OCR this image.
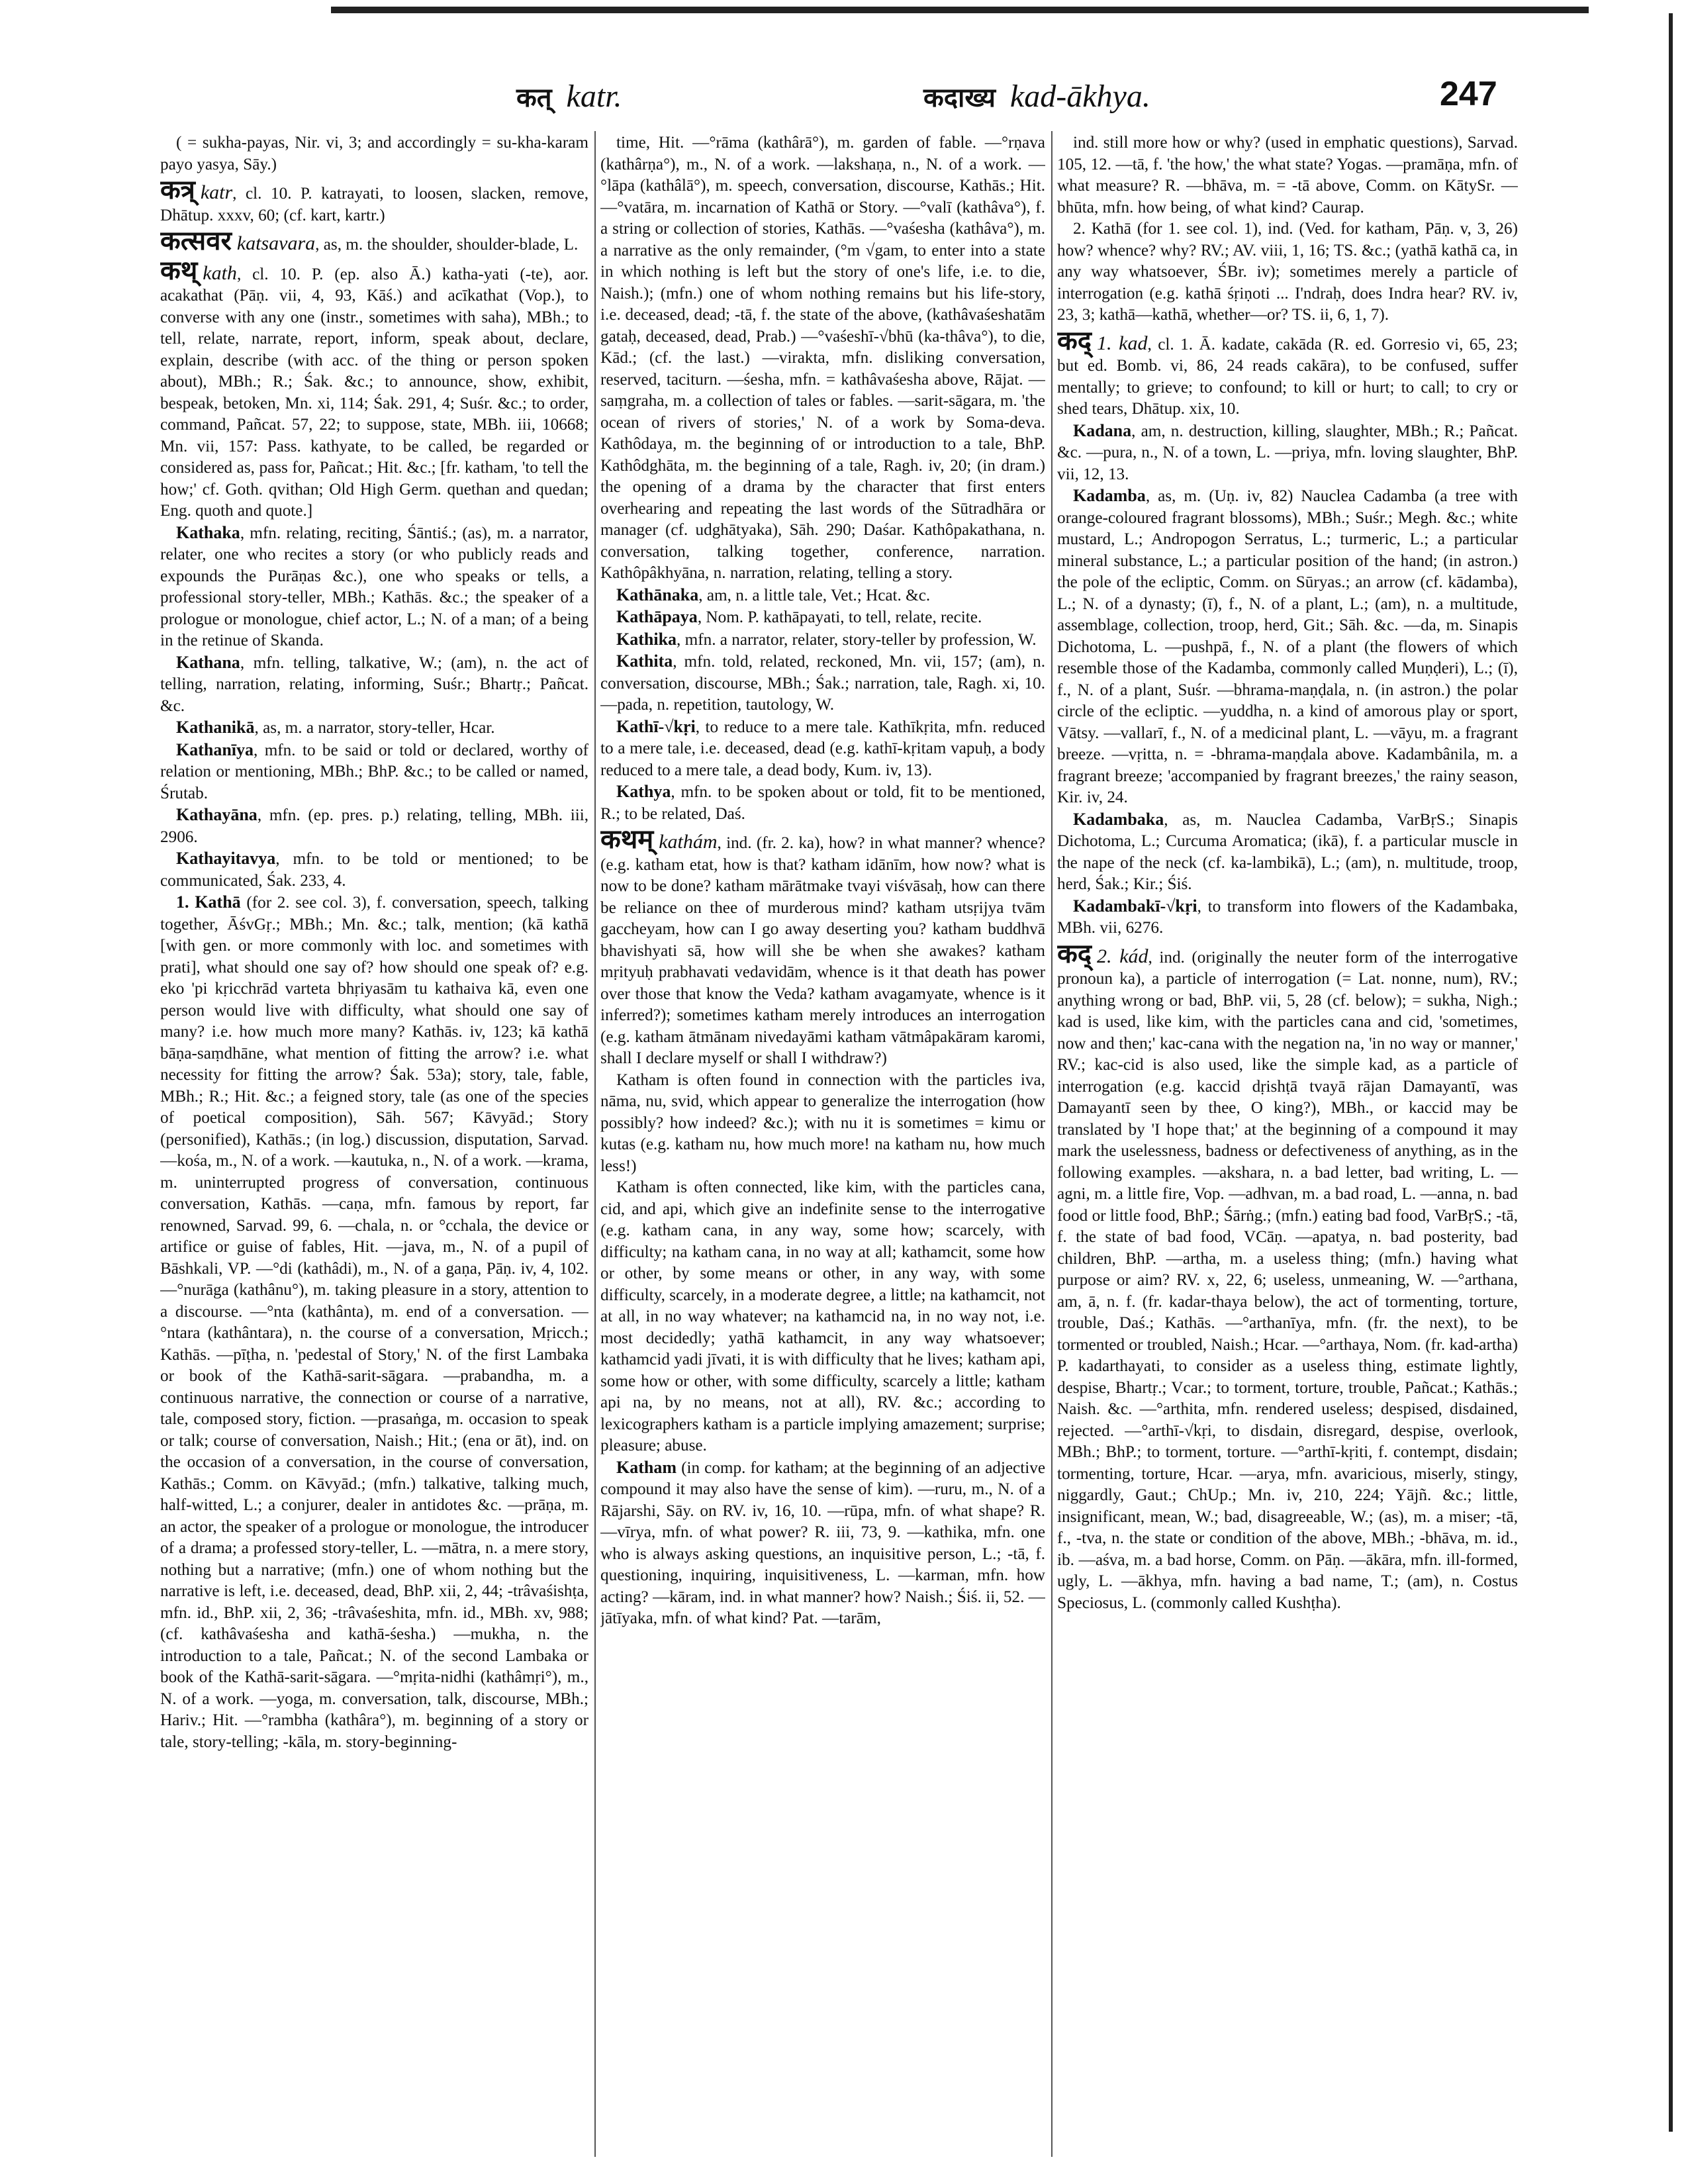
कत् katr.	कदाख्य kad-ākhya.	247

( = sukha-payas, Nir. vi, 3; and accordingly = su-kha-karam payo yasya, Sāy.)

कत्र् katr, cl. 10. P. katrayati, to loosen, slacken, remove, Dhātup. xxxv, 60; (cf. kart, kartr.)

कत्सवर katsavara, as, m. the shoulder, shoulder-blade, L.

कथ् kath, cl. 10. P. (ep. also Ā.) katha-yati (-te), aor. acakathat (Pāṇ. vii, 4, 93, Kāś.) and acīkathat (Vop.), to converse with any one (instr., sometimes with saha), MBh.; to tell, relate, narrate, report, inform, speak about, declare, explain, describe (with acc. of the thing or person spoken about), MBh.; R.; Śak. &c.; to announce, show, exhibit, bespeak, betoken, Mn. xi, 114; Śak. 291, 4; Suśr. &c.; to order, command, Pañcat. 57, 22; to suppose, state, MBh. iii, 10668; Mn. vii, 157: Pass. kathyate, to be called, be regarded or considered as, pass for, Pañcat.; Hit. &c.; [fr. katham, 'to tell the how;' cf. Goth. qvithan; Old High Germ. quethan and quedan; Eng. quoth and quote.]

Kathaka, mfn. relating, reciting, Śāntiś.; (as), m. a narrator, relater, one who recites a story (or who publicly reads and expounds the Purāṇas &c.), one who speaks or tells, a professional story-teller, MBh.; Kathās. &c.; the speaker of a prologue or monologue, chief actor, L.; N. of a man; of a being in the retinue of Skanda.

Kathana, mfn. telling, talkative, W.; (am), n. the act of telling, narration, relating, informing, Suśr.; Bhartṛ.; Pañcat. &c.

Kathanikā, as, m. a narrator, story-teller, Hcar.

Kathanīya, mfn. to be said or told or declared, worthy of relation or mentioning, MBh.; BhP. &c.; to be called or named, Śrutab.

Kathayāna, mfn. (ep. pres. p.) relating, telling, MBh. iii, 2906.

Kathayitavya, mfn. to be told or mentioned; to be communicated, Śak. 233, 4.

1. Kathā (for 2. see col. 3), f. conversation, speech, talking together, ĀśvGṛ.; MBh.; Mn. &c.; talk, mention; (kā kathā [with gen. or more commonly with loc. and sometimes with prati], what should one say of? how should one speak of? e.g. eko 'pi kṛicchrād varteta bhṛiyasām tu kathaiva kā, even one person would live with difficulty, what should one say of many? i.e. how much more many? Kathās. iv, 123; kā kathā bāṇa-saṃdhāne, what mention of fitting the arrow? i.e. what necessity for fitting the arrow? Śak. 53a); story, tale, fable, MBh.; R.; Hit. &c.; a feigned story, tale (as one of the species of poetical composition), Sāh. 567; Kāvyād.; Story (personified), Kathās.; (in log.) discussion, disputation, Sarvad. —kośa, m., N. of a work. —kautuka, n., N. of a work. —krama, m. uninterrupted progress of conversation, continuous conversation, Kathās. —caṇa, mfn. famous by report, far renowned, Sarvad. 99, 6. —chala, n. or °cchala, the device or artifice or guise of fables, Hit. —java, m., N. of a pupil of Bāshkali, VP. —°di (kathâdi), m., N. of a gaṇa, Pāṇ. iv, 4, 102. —°nurāga (kathânu°), m. taking pleasure in a story, attention to a discourse. —°nta (kathânta), m. end of a conversation. —°ntara (kathântara), n. the course of a conversation, Mṛicch.; Kathās. —pīṭha, n. 'pedestal of Story,' N. of the first Lambaka or book of the Kathā-sarit-sāgara. —prabandha, m. a continuous narrative, the connection or course of a narrative, tale, composed story, fiction. —prasaṅga, m. occasion to speak or talk; course of conversation, Naish.; Hit.; (ena or āt), ind. on the occasion of a conversation, in the course of conversation, Kathās.; Comm. on Kāvyād.; (mfn.) talkative, talking much, half-witted, L.; a conjurer, dealer in antidotes &c. —prāṇa, m. an actor, the speaker of a prologue or monologue, the introducer of a drama; a professed story-teller, L. —mātra, n. a mere story, nothing but a narrative; (mfn.) one of whom nothing but the narrative is left, i.e. deceased, dead, BhP. xii, 2, 44; -trâvaśishṭa, mfn. id., BhP. xii, 2, 36; -trâvaśeshita, mfn. id., MBh. xv, 988; (cf. kathâvaśesha and kathā-śesha.) —mukha, n. the introduction to a tale, Pañcat.; N. of the second Lambaka or book of the Kathā-sarit-sāgara. —°mṛita-nidhi (kathâmṛi°), m., N. of a work. —yoga, m. conversation, talk, discourse, MBh.; Hariv.; Hit. —°rambha (kathâra°), m. beginning of a story or tale, story-telling; -kāla, m. story-beginning-

time, Hit. —°rāma (kathârā°), m. garden of fable. —°rṇava (kathârṇa°), m., N. of a work. —lakshaṇa, n., N. of a work. —°lāpa (kathâlā°), m. speech, conversation, discourse, Kathās.; Hit. —°vatāra, m. incarnation of Kathā or Story. —°valī (kathâva°), f. a string or collection of stories, Kathās. —°vaśesha (kathâva°), m. a narrative as the only remainder, (°m √gam, to enter into a state in which nothing is left but the story of one's life, i.e. to die, Naish.); (mfn.) one of whom nothing remains but his life-story, i.e. deceased, dead; -tā, f. the state of the above, (kathâvaśeshatām gataḥ, deceased, dead, Prab.) —°vaśeshī-√bhū (ka-thâva°), to die, Kād.; (cf. the last.) —virakta, mfn. disliking conversation, reserved, taciturn. —śesha, mfn. = kathâvaśesha above, Rājat. —saṃgraha, m. a collection of tales or fables. —sarit-sāgara, m. 'the ocean of rivers of stories,' N. of a work by Soma-deva. Kathôdaya, m. the beginning of or introduction to a tale, BhP. Kathôdghāta, m. the beginning of a tale, Ragh. iv, 20; (in dram.) the opening of a drama by the character that first enters overhearing and repeating the last words of the Sūtradhāra or manager (cf. udghātyaka), Sāh. 290; Daśar. Kathôpakathana, n. conversation, talking together, conference, narration. Kathôpâkhyāna, n. narration, relating, telling a story.

Kathānaka, am, n. a little tale, Vet.; Hcat. &c.

Kathāpaya, Nom. P. kathāpayati, to tell, relate, recite.

Kathika, mfn. a narrator, relater, story-teller by profession, W.

Kathita, mfn. told, related, reckoned, Mn. vii, 157; (am), n. conversation, discourse, MBh.; Śak.; narration, tale, Ragh. xi, 10. —pada, n. repetition, tautology, W.

Kathī-√kṛi, to reduce to a mere tale. Kathīkṛita, mfn. reduced to a mere tale, i.e. deceased, dead (e.g. kathī-kṛitam vapuḥ, a body reduced to a mere tale, a dead body, Kum. iv, 13).

Kathya, mfn. to be spoken about or told, fit to be mentioned, R.; to be related, Daś.

कथम् kathám, ind. (fr. 2. ka), how? in what manner? whence? (e.g. katham etat, how is that? katham idānīm, how now? what is now to be done? katham mārātmake tvayi viśvāsaḥ, how can there be reliance on thee of murderous mind? katham utsṛijya tvām gaccheyam, how can I go away deserting you? katham buddhvā bhavishyati sā, how will she be when she awakes? katham mṛityuḥ prabhavati vedavidām, whence is it that death has power over those that know the Veda? katham avagamyate, whence is it inferred?); sometimes katham merely introduces an interrogation (e.g. katham ātmānam nivedayāmi katham vātmâpakāram karomi, shall I declare myself or shall I withdraw?)

Katham is often found in connection with the particles iva, nāma, nu, svid, which appear to generalize the interrogation (how possibly? how indeed? &c.); with nu it is sometimes = kimu or kutas (e.g. katham nu, how much more! na katham nu, how much less!)

Katham is often connected, like kim, with the particles cana, cid, and api, which give an indefinite sense to the interrogative (e.g. katham cana, in any way, some how; scarcely, with difficulty; na katham cana, in no way at all; kathamcit, some how or other, by some means or other, in any way, with some difficulty, scarcely, in a moderate degree, a little; na kathamcit, not at all, in no way whatever; na kathamcid na, in no way not, i.e. most decidedly; yathā kathamcit, in any way whatsoever; kathamcid yadi jīvati, it is with difficulty that he lives; katham api, some how or other, with some difficulty, scarcely a little; katham api na, by no means, not at all), RV. &c.; according to lexicographers katham is a particle implying amazement; surprise; pleasure; abuse.

Katham (in comp. for katham; at the beginning of an adjective compound it may also have the sense of kim). —ruru, m., N. of a Rājarshi, Sāy. on RV. iv, 16, 10. —rūpa, mfn. of what shape? R. —vīrya, mfn. of what power? R. iii, 73, 9. —kathika, mfn. one who is always asking questions, an inquisitive person, L.; -tā, f. questioning, inquiring, inquisitiveness, L. —karman, mfn. how acting? —kāram, ind. in what manner? how? Naish.; Śiś. ii, 52. —jātīyaka, mfn. of what kind? Pat. —tarām,

ind. still more how or why? (used in emphatic questions), Sarvad. 105, 12. —tā, f. 'the how,' the what state? Yogas. —pramāṇa, mfn. of what measure? R. —bhāva, m. = -tā above, Comm. on KātySr. —bhūta, mfn. how being, of what kind? Caurap.

2. Kathā (for 1. see col. 1), ind. (Ved. for katham, Pāṇ. v, 3, 26) how? whence? why? RV.; AV. viii, 1, 16; TS. &c.; (yathā kathā ca, in any way whatsoever, ŚBr. iv); sometimes merely a particle of interrogation (e.g. kathā śṛiṇoti ... I'ndraḥ, does Indra hear? RV. iv, 23, 3; kathā—kathā, whether—or? TS. ii, 6, 1, 7).

कद् 1. kad, cl. 1. Ā. kadate, cakāda (R. ed. Gorresio vi, 65, 23; but ed. Bomb. vi, 86, 24 reads cakāra), to be confused, suffer mentally; to grieve; to confound; to kill or hurt; to call; to cry or shed tears, Dhātup. xix, 10.

Kadana, am, n. destruction, killing, slaughter, MBh.; R.; Pañcat. &c. —pura, n., N. of a town, L. —priya, mfn. loving slaughter, BhP. vii, 12, 13.

Kadamba, as, m. (Uṇ. iv, 82) Nauclea Cadamba (a tree with orange-coloured fragrant blossoms), MBh.; Suśr.; Megh. &c.; white mustard, L.; Andropogon Serratus, L.; turmeric, L.; a particular mineral substance, L.; a particular position of the hand; (in astron.) the pole of the ecliptic, Comm. on Sūryas.; an arrow (cf. kādamba), L.; N. of a dynasty; (ī), f., N. of a plant, L.; (am), n. a multitude, assemblage, collection, troop, herd, Git.; Sāh. &c. —da, m. Sinapis Dichotoma, L. —pushpā, f., N. of a plant (the flowers of which resemble those of the Kadamba, commonly called Muṇḍeri), L.; (ī), f., N. of a plant, Suśr. —bhrama-maṇḍala, n. (in astron.) the polar circle of the ecliptic. —yuddha, n. a kind of amorous play or sport, Vātsy. —vallarī, f., N. of a medicinal plant, L. —vāyu, m. a fragrant breeze. —vṛitta, n. = -bhrama-maṇḍala above. Kadambânila, m. a fragrant breeze; 'accompanied by fragrant breezes,' the rainy season, Kir. iv, 24.

Kadambaka, as, m. Nauclea Cadamba, VarBṛS.; Sinapis Dichotoma, L.; Curcuma Aromatica; (ikā), f. a particular muscle in the nape of the neck (cf. ka-lambikā), L.; (am), n. multitude, troop, herd, Śak.; Kir.; Śiś.

Kadambakī-√kṛi, to transform into flowers of the Kadambaka, MBh. vii, 6276.

कद् 2. kád, ind. (originally the neuter form of the interrogative pronoun ka), a particle of interrogation (= Lat. nonne, num), RV.; anything wrong or bad, BhP. vii, 5, 28 (cf. below); = sukha, Nigh.; kad is used, like kim, with the particles cana and cid, 'sometimes, now and then;' kac-cana with the negation na, 'in no way or manner,' RV.; kac-cid is also used, like the simple kad, as a particle of interrogation (e.g. kaccid dṛishṭā tvayā rājan Damayantī, was Damayantī seen by thee, O king?), MBh., or kaccid may be translated by 'I hope that;' at the beginning of a compound it may mark the uselessness, badness or defectiveness of anything, as in the following examples. —akshara, n. a bad letter, bad writing, L. —agni, m. a little fire, Vop. —adhvan, m. a bad road, L. —anna, n. bad food or little food, BhP.; Śārṅg.; (mfn.) eating bad food, VarBṛS.; -tā, f. the state of bad food, VCāṇ. —apatya, n. bad posterity, bad children, BhP. —artha, m. a useless thing; (mfn.) having what purpose or aim? RV. x, 22, 6; useless, unmeaning, W. —°arthana, am, ā, n. f. (fr. kadar-thaya below), the act of tormenting, torture, trouble, Daś.; Kathās. —°arthanīya, mfn. (fr. the next), to be tormented or troubled, Naish.; Hcar. —°arthaya, Nom. (fr. kad-artha) P. kadarthayati, to consider as a useless thing, estimate lightly, despise, Bhartṛ.; Vcar.; to torment, torture, trouble, Pañcat.; Kathās.; Naish. &c. —°arthita, mfn. rendered useless; despised, disdained, rejected. —°arthī-√kṛi, to disdain, disregard, despise, overlook, MBh.; BhP.; to torment, torture. —°arthī-kṛiti, f. contempt, disdain; tormenting, torture, Hcar. —arya, mfn. avaricious, miserly, stingy, niggardly, Gaut.; ChUp.; Mn. iv, 210, 224; Yājñ. &c.; little, insignificant, mean, W.; bad, disagreeable, W.; (as), m. a miser; -tā, f., -tva, n. the state or condition of the above, MBh.; -bhāva, m. id., ib. —aśva, m. a bad horse, Comm. on Pāṇ. —ākāra, mfn. ill-formed, ugly, L. —ākhya, mfn. having a bad name, T.; (am), n. Costus Speciosus, L. (commonly called Kushṭha).
